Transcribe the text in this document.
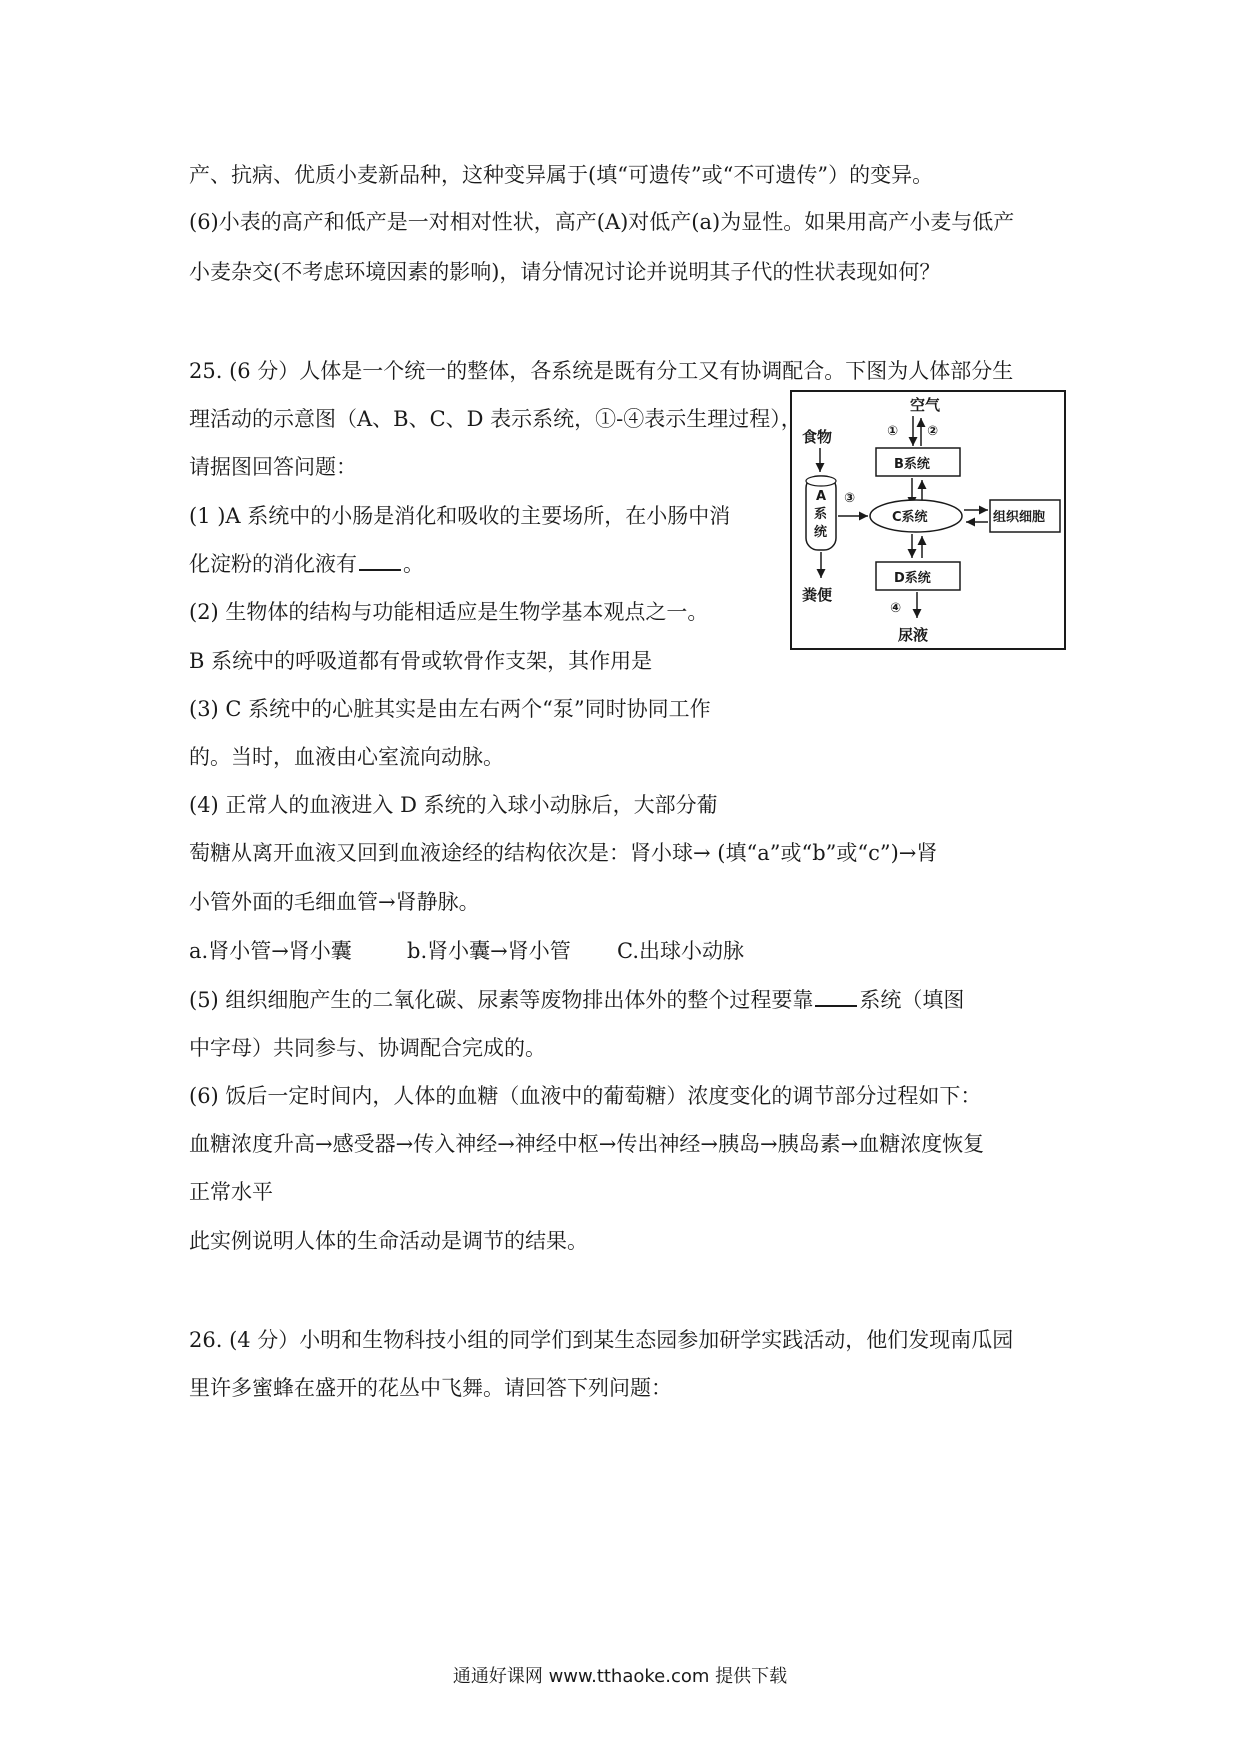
产、抗病、优质小麦新品种，这种变异属于(填“可遗传”或“不可遗传”）的变异。
(6)小表的高产和低产是一对相对性状，高产(A)对低产(a)为显性。如果用高产小麦与低产
小麦杂交(不考虑环境因素的影响)，请分情况讨论并说明其子代的性状表现如何？
25. (6 分）人体是一个统一的整体，各系统是既有分工又有协调配合。下图为人体部分生
理活动的示意图（A、B、C、D 表示系统，①-④表示生理过程），
请据图回答问题：
(1 )A 系统中的小肠是消化和吸收的主要场所，在小肠中消
化淀粉的消化液有 。
(2) 生物体的结构与功能相适应是生物学基本观点之一。
B 系统中的呼吸道都有骨或软骨作支架，其作用是
(3) C 系统中的心脏其实是由左右两个“泵”同时协同工作
的。当时，血液由心室流向动脉。
(4) 正常人的血液进入 D 系统的入球小动脉后，大部分葡
萄糖从离开血液又回到血液途经的结构依次是：肾小球→ (填“a”或“b”或“c”)→肾
小管外面的毛细血管→肾静脉。
a.肾小管→肾小囊	b.肾小囊→肾小管 C.出球小动脉
(5) 组织细胞产生的二氧化碳、尿素等废物排出体外的整个过程要靠 系统（填图
中字母）共同参与、协调配合完成的。
(6) 饭后一定时间内，人体的血糖（血液中的葡萄糖）浓度变化的调节部分过程如下：
血糖浓度升高→感受器→传入神经→神经中枢→传出神经→胰岛→胰岛素→血糖浓度恢复
正常水平
此实例说明人体的生命活动是调节的结果。
26. (4 分）小明和生物科技小组的同学们到某生态园参加研学实践活动，他们发现南瓜园
里许多蜜蜂在盛开的花丛中飞舞。请回答下列问题：
空气
① ②
B系统
食物
A
系
统
③
粪便
C系统	组织细胞
D系统
④
尿液
通通好课网 www.tthaoke.com 提供下载
